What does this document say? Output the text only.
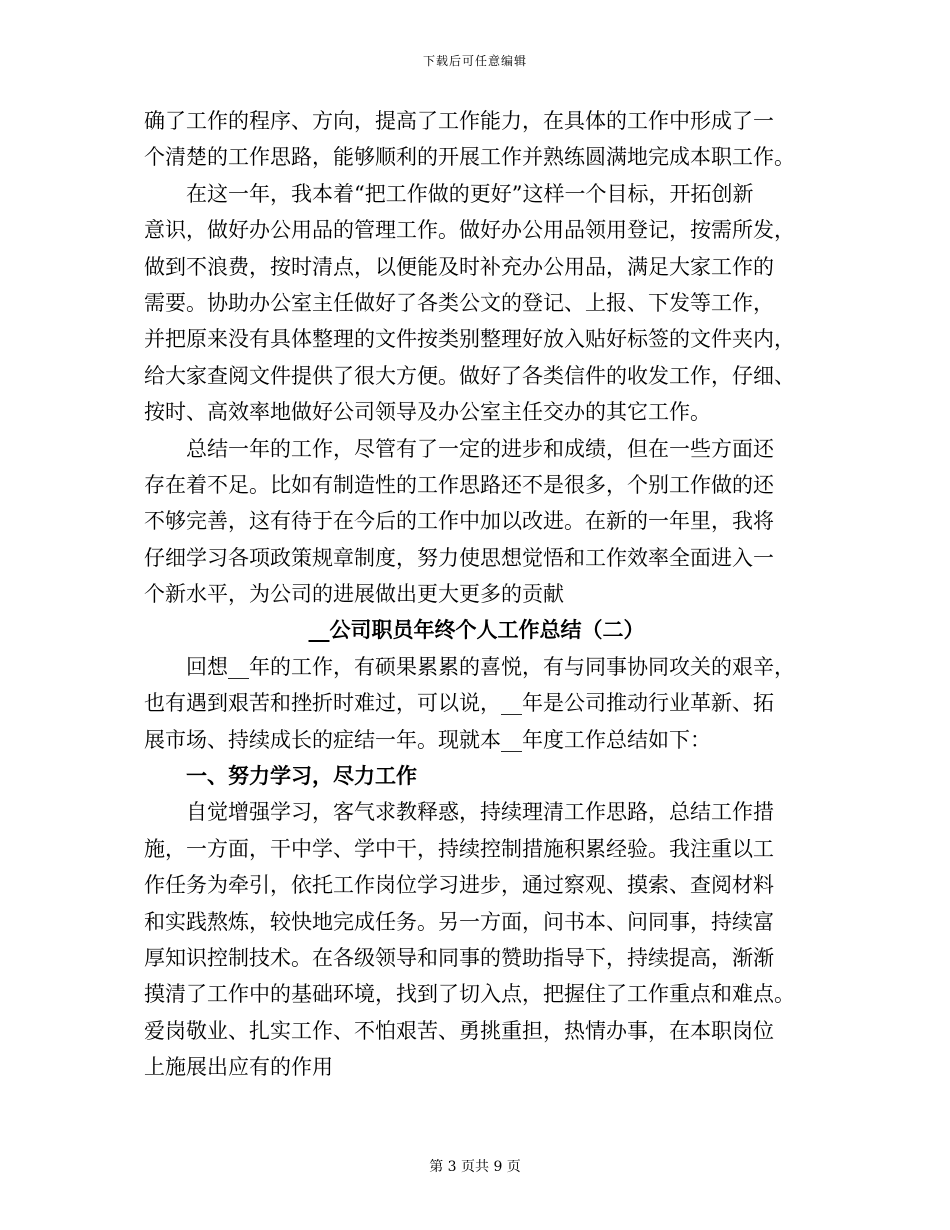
下载后可任意编辑
确了工作的程序、方向，提高了工作能力，在具体的工作中形成了一
个清楚的工作思路，能够顺利的开展工作并熟练圆满地完成本职工作。
在这一年，我本着“把工作做的更好”这样一个目标，开拓创新
意识，做好办公用品的管理工作。做好办公用品领用登记，按需所发，
做到不浪费，按时清点，以便能及时补充办公用品，满足大家工作的
需要。协助办公室主任做好了各类公文的登记、上报、下发等工作，
并把原来没有具体整理的文件按类别整理好放入贴好标签的文件夹内，
给大家查阅文件提供了很大方便。做好了各类信件的收发工作，仔细、
按时、高效率地做好公司领导及办公室主任交办的其它工作。
总结一年的工作，尽管有了一定的进步和成绩，但在一些方面还
存在着不足。比如有制造性的工作思路还不是很多，个别工作做的还
不够完善，这有待于在今后的工作中加以改进。在新的一年里，我将
仔细学习各项政策规章制度，努力使思想觉悟和工作效率全面进入一
个新水平，为公司的进展做出更大更多的贡献
__公司职员年终个人工作总结（二）
回想__年的工作，有硕果累累的喜悦，有与同事协同攻关的艰辛，
也有遇到艰苦和挫折时难过，可以说，__年是公司推动行业革新、拓
展市场、持续成长的症结一年。现就本__年度工作总结如下：
一、努力学习，尽力工作
自觉增强学习，客气求教释惑，持续理清工作思路，总结工作措
施，一方面，干中学、学中干，持续控制措施积累经验。我注重以工
作任务为牵引，依托工作岗位学习进步，通过察观、摸索、查阅材料
和实践熬炼，较快地完成任务。另一方面，问书本、问同事，持续富
厚知识控制技术。在各级领导和同事的赞助指导下，持续提高，渐渐
摸清了工作中的基础环境，找到了切入点，把握住了工作重点和难点。
爱岗敬业、扎实工作、不怕艰苦、勇挑重担，热情办事，在本职岗位
上施展出应有的作用
第 3 页共 9 页
